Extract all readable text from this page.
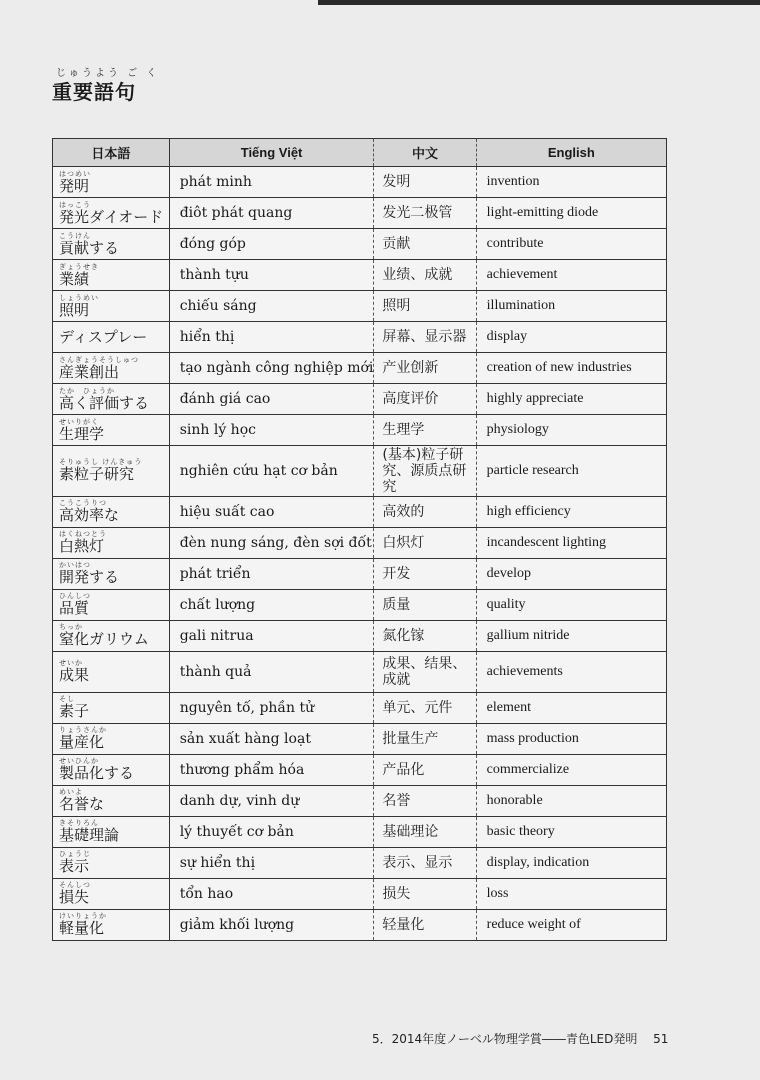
じゅうよう ご く
重要語句
日本語	Tiếng Việt	中文	English

はつめい
発明	phát minh	发明	invention

はっこう
発光ダイオード	điôt phát quang	发光二极管	light-emitting diode

こうけん
貢献する	đóng góp	贡献	contribute

ぎょうせき
業績	thành tựu	业绩、成就	achievement

しょうめい
照明	chiếu sáng	照明	illumination

ディスプレー	hiển thị	屏幕、显示器	display

さんぎょうそうしゅつ
産業創出	tạo ngành công nghiệp mới	产业创新	creation of new industries

たか　ひょうか
高く評価する	đánh giá cao	高度评价	highly appreciate

せいりがく
生理学	sinh lý học	生理学	physiology

そりゅうし けんきゅう
素粒子研究	nghiên cứu hạt cơ bản	(基本)粒子研究、源质点研究	particle research

こうこうりつ
高効率な	hiệu suất cao	高效的	high efficiency

はくねつとう
白熱灯	đèn nung sáng, đèn sợi đốt	白炽灯	incandescent lighting

かいはつ
開発する	phát triển	开发	develop

ひんしつ
品質	chất lượng	质量	quality

ちっか
窒化ガリウム	gali nitrua	氮化镓	gallium nitride

せいか
成果	thành quả	成果、结果、成就	achievements

そし
素子	nguyên tố, phần tử	单元、元件	element

りょうさんか
量産化	sản xuất hàng loạt	批量生产	mass production

せいひんか
製品化する	thương phẩm hóa	产品化	commercialize

めいよ
名誉な	danh dự, vinh dự	名誉	honorable

きそりろん
基礎理論	lý thuyết cơ bản	基础理论	basic theory

ひょうじ
表示	sự hiển thị	表示、显示	display, indication

そんしつ
損失	tổn hao	损失	loss

けいりょうか
軽量化	giảm khối lượng	轻量化	reduce weight of
5．2014年度ノーベル物理学賞――青色LED発明 51
